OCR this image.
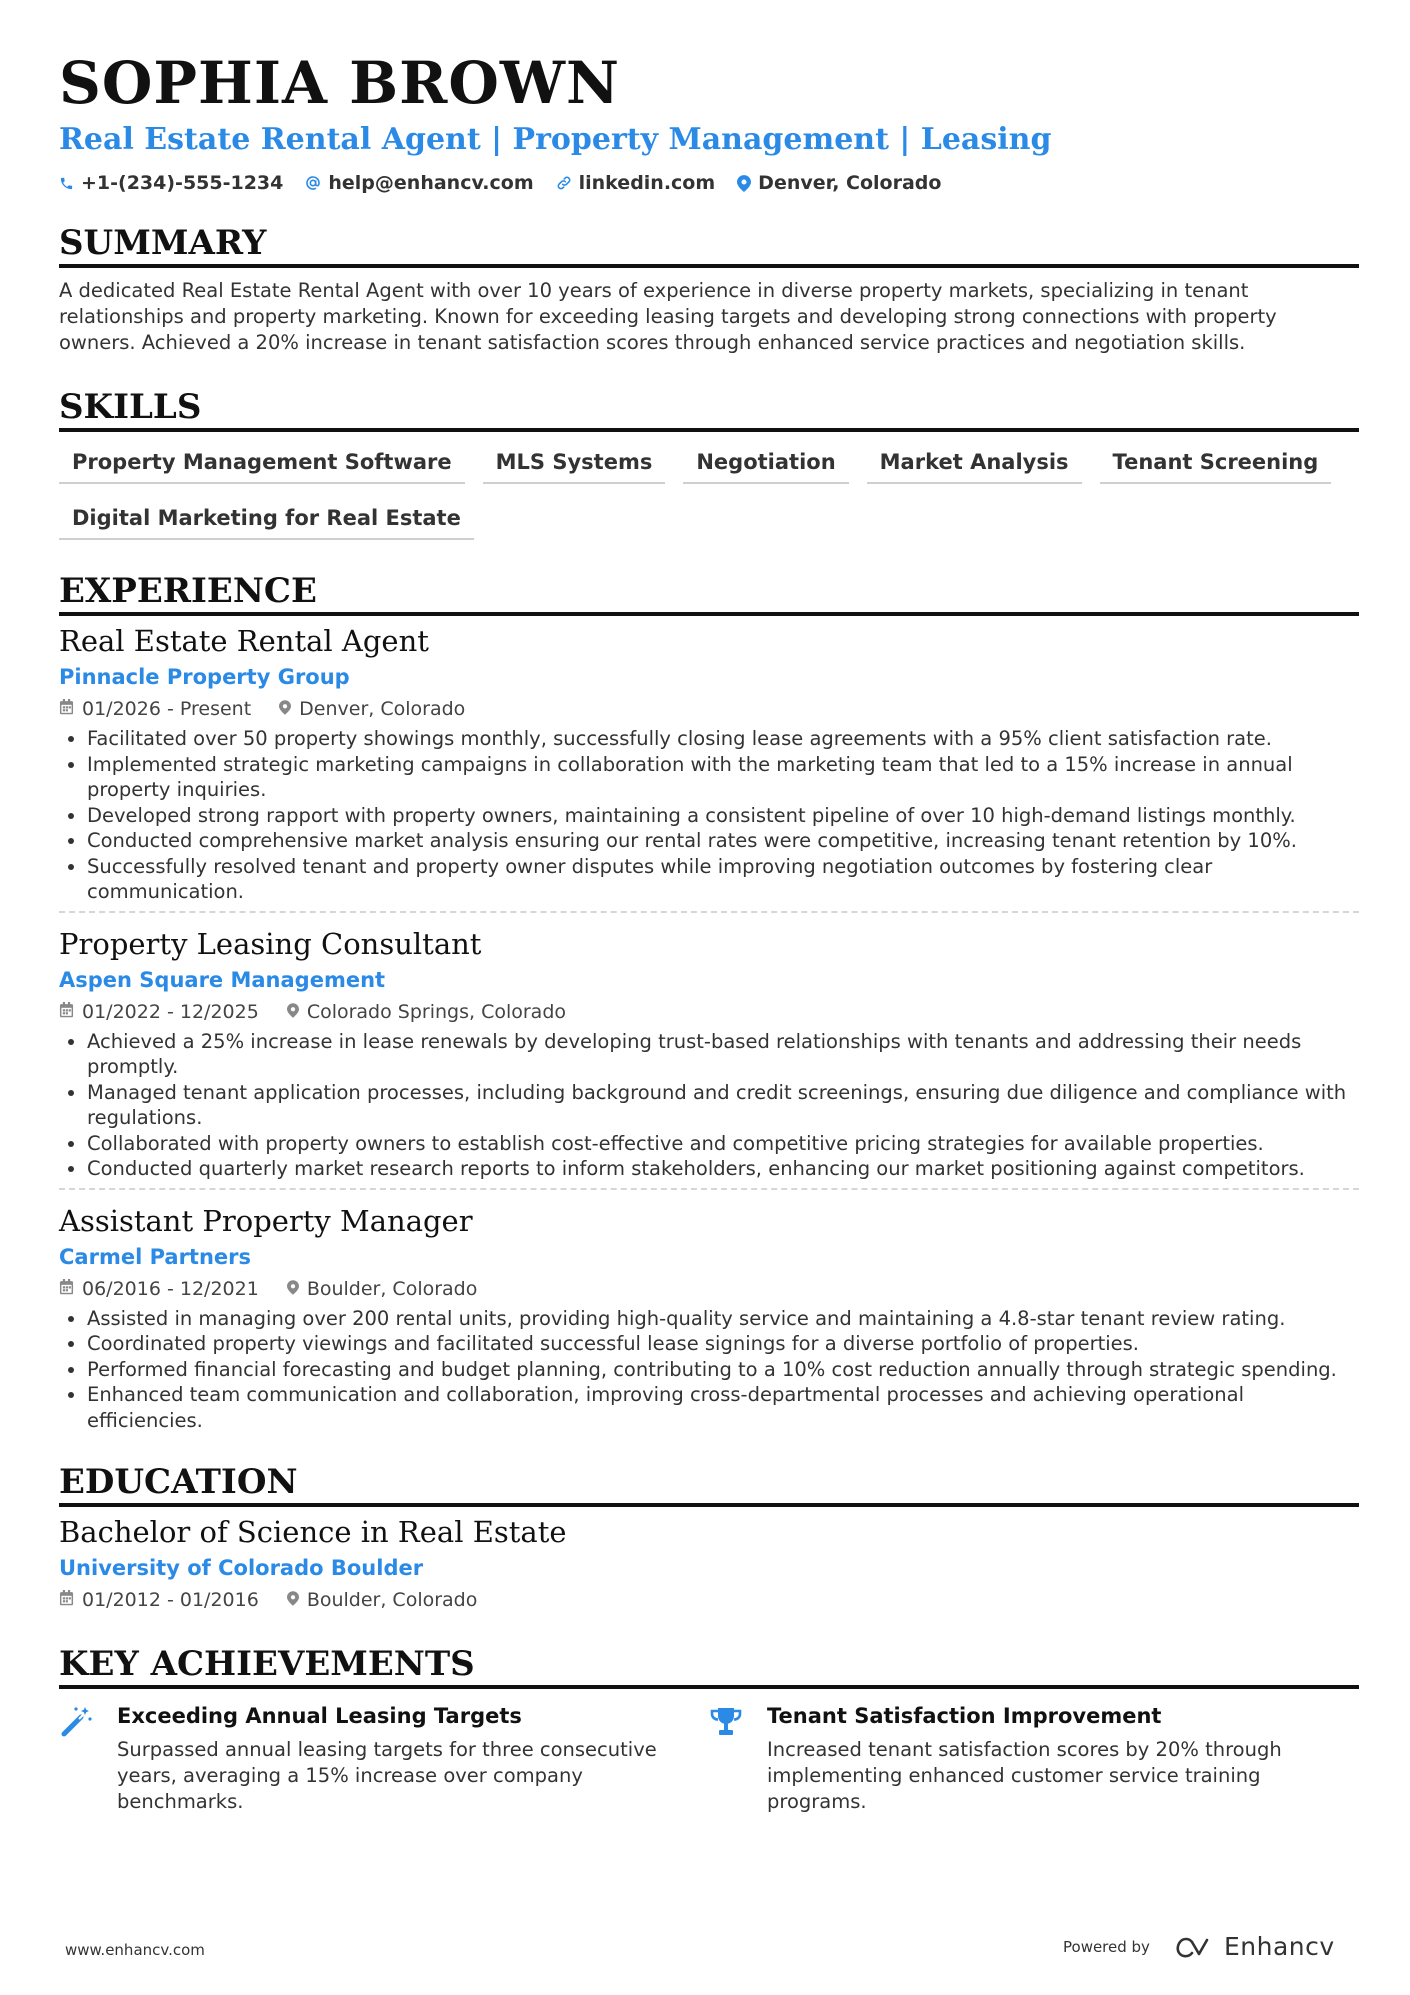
SOPHIA BROWN
Real Estate Rental Agent | Property Management | Leasing
+1-(234)-555-1234 help@enhancv.com linkedin.com Denver, Colorado
SUMMARY
A dedicated Real Estate Rental Agent with over 10 years of experience in diverse property markets, specializing in tenant relationships and property marketing. Known for exceeding leasing targets and developing strong connections with property owners. Achieved a 20% increase in tenant satisfaction scores through enhanced service practices and negotiation skills.
SKILLS
Property Management Software	MLS Systems	Negotiation	Market Analysis	Tenant Screening
Digital Marketing for Real Estate
EXPERIENCE
Real Estate Rental Agent
Pinnacle Property Group
01/2026 - Present	Denver, Colorado
• Facilitated over 50 property showings monthly, successfully closing lease agreements with a 95% client satisfaction rate.
• Implemented strategic marketing campaigns in collaboration with the marketing team that led to a 15% increase in annual property inquiries.
• Developed strong rapport with property owners, maintaining a consistent pipeline of over 10 high-demand listings monthly.
• Conducted comprehensive market analysis ensuring our rental rates were competitive, increasing tenant retention by 10%.
• Successfully resolved tenant and property owner disputes while improving negotiation outcomes by fostering clear communication.
Property Leasing Consultant
Aspen Square Management
01/2022 - 12/2025	Colorado Springs, Colorado
• Achieved a 25% increase in lease renewals by developing trust-based relationships with tenants and addressing their needs promptly.
• Managed tenant application processes, including background and credit screenings, ensuring due diligence and compliance with regulations.
• Collaborated with property owners to establish cost-effective and competitive pricing strategies for available properties.
• Conducted quarterly market research reports to inform stakeholders, enhancing our market positioning against competitors.
Assistant Property Manager
Carmel Partners
06/2016 - 12/2021	Boulder, Colorado
• Assisted in managing over 200 rental units, providing high-quality service and maintaining a 4.8-star tenant review rating.
• Coordinated property viewings and facilitated successful lease signings for a diverse portfolio of properties.
• Performed financial forecasting and budget planning, contributing to a 10% cost reduction annually through strategic spending.
• Enhanced team communication and collaboration, improving cross-departmental processes and achieving operational efficiencies.
EDUCATION
Bachelor of Science in Real Estate
University of Colorado Boulder
01/2012 - 01/2016	Boulder, Colorado
KEY ACHIEVEMENTS
Exceeding Annual Leasing Targets
Surpassed annual leasing targets for three consecutive years, averaging a 15% increase over company benchmarks.
Tenant Satisfaction Improvement
Increased tenant satisfaction scores by 20% through implementing enhanced customer service training programs.
www.enhancv.com	Powered by	Enhancv
